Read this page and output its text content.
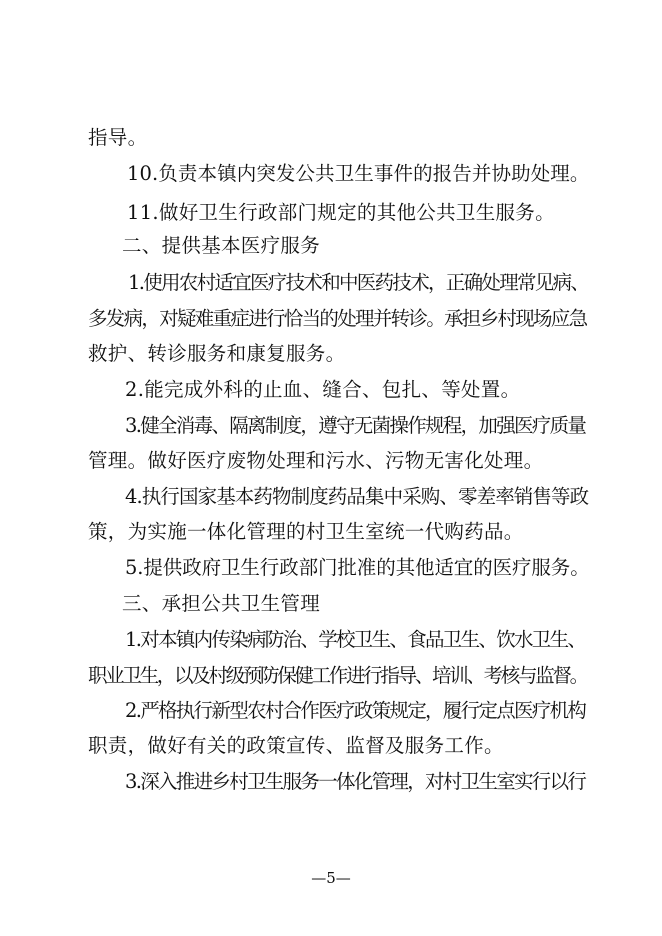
指导。
10.负责本镇内突发公共卫生事件的报告并协助处理。
11.做好卫生行政部门规定的其他公共卫生服务。
二、提供基本医疗服务
1.使用农村适宜医疗技术和中医药技术，正确处理常见病、
多发病，对疑难重症进行恰当的处理并转诊。承担乡村现场应急
救护、转诊服务和康复服务。
2.能完成外科的止血、缝合、包扎、等处置。
3.健全消毒、隔离制度，遵守无菌操作规程，加强医疗质量
管理。做好医疗废物处理和污水、污物无害化处理。
4.执行国家基本药物制度药品集中采购、零差率销售等政
策，为实施一体化管理的村卫生室统一代购药品。
5.提供政府卫生行政部门批准的其他适宜的医疗服务。
三、承担公共卫生管理
1.对本镇内传染病防治、学校卫生、食品卫生、饮水卫生、
职业卫生，以及村级预防保健工作进行指导、培训、考核与监督。
2.严格执行新型农村合作医疗政策规定，履行定点医疗机构
职责，做好有关的政策宣传、监督及服务工作。
3.深入推进乡村卫生服务一体化管理，对村卫生室实行以行
—5—
